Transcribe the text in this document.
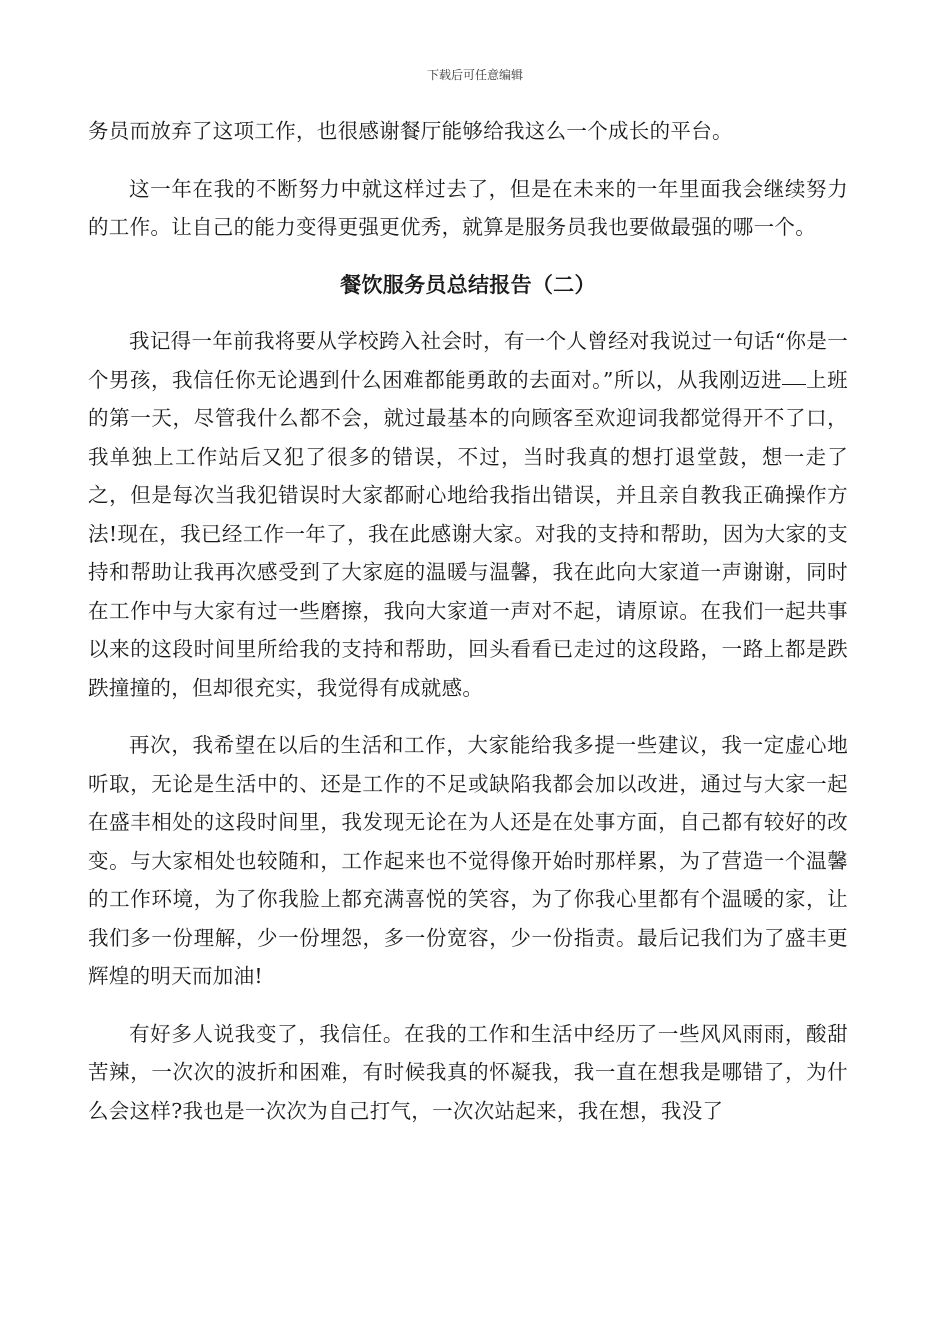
下载后可任意编辑

务员而放弃了这项工作，也很感谢餐厅能够给我这么一个成长的平台。

这一年在我的不断努力中就这样过去了，但是在未来的一年里面我会继续努力的工作。让自己的能力变得更强更优秀，就算是服务员我也要做最强的哪一个。

餐饮服务员总结报告（二）

我记得一年前我将要从学校跨入社会时，有一个人曾经对我说过一句话“你是一个男孩，我信任你无论遇到什么困难都能勇敢的去面对。”所以，从我刚迈进 上班的第一天，尽管我什么都不会，就过最基本的向顾客至欢迎词我都觉得开不了口，我单独上工作站后又犯了很多的错误，不过，当时我真的想打退堂鼓，想一走了之，但是每次当我犯错误时大家都耐心地给我指出错误，并且亲自教我正确操作方法!现在，我已经工作一年了，我在此感谢大家。对我的支持和帮助，因为大家的支持和帮助让我再次感受到了大家庭的温暖与温馨，我在此向大家道一声谢谢，同时在工作中与大家有过一些磨擦，我向大家道一声对不起，请原谅。在我们一起共事以来的这段时间里所给我的支持和帮助，回头看看已走过的这段路，一路上都是跌跌撞撞的，但却很充实，我觉得有成就感。

再次，我希望在以后的生活和工作，大家能给我多提一些建议，我一定虚心地听取，无论是生活中的、还是工作的不足或缺陷我都会加以改进，通过与大家一起在盛丰相处的这段时间里，我发现无论在为人还是在处事方面，自己都有较好的改变。与大家相处也较随和，工作起来也不觉得像开始时那样累，为了营造一个温馨的工作环境，为了你我脸上都充满喜悦的笑容，为了你我心里都有个温暖的家，让我们多一份理解，少一份埋怨，多一份宽容，少一份指责。最后记我们为了盛丰更辉煌的明天而加油!

有好多人说我变了，我信任。在我的工作和生活中经历了一些风风雨雨，酸甜苦辣，一次次的波折和困难，有时候我真的怀凝我，我一直在想我是哪错了，为什么会这样?我也是一次次为自己打气，一次次站起来，我在想，我没了
